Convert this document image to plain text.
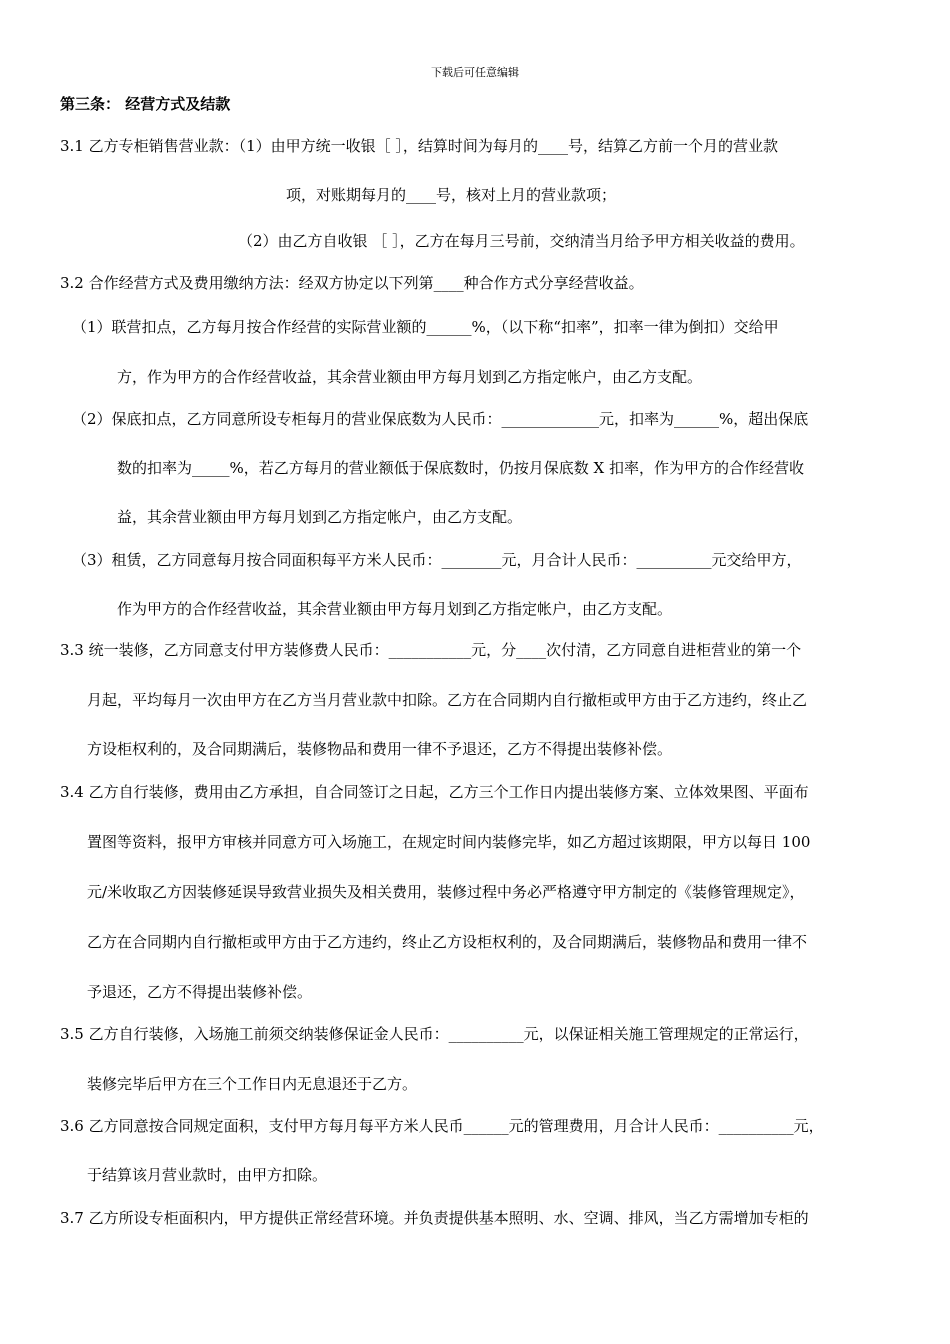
下载后可任意编辑
第三条： 经营方式及结款
3.1 乙方专柜销售营业款：（1）由甲方统一收银［ ］，结算时间为每月的____号，结算乙方前一个月的营业款
项，对账期每月的____号，核对上月的营业款项；
（2）由乙方自收银 ［ ］，乙方在每月三号前，交纳清当月给予甲方相关收益的费用。
3.2 合作经营方式及费用缴纳方法：经双方协定以下列第____种合作方式分享经营收益。
（1）联营扣点，乙方每月按合作经营的实际营业额的______%，（以下称“扣率”，扣率一律为倒扣）交给甲
方，作为甲方的合作经营收益，其余营业额由甲方每月划到乙方指定帐户，由乙方支配。
（2）保底扣点，乙方同意所设专柜每月的营业保底数为人民币：_____________元，扣率为______%，超出保底
数的扣率为_____%，若乙方每月的营业额低于保底数时，仍按月保底数 X 扣率，作为甲方的合作经营收
益，其余营业额由甲方每月划到乙方指定帐户，由乙方支配。
（3）租赁，乙方同意每月按合同面积每平方米人民币：________元，月合计人民币：__________元交给甲方，
作为甲方的合作经营收益，其余营业额由甲方每月划到乙方指定帐户，由乙方支配。
3.3 统一装修，乙方同意支付甲方装修费人民币：___________元，分____次付清，乙方同意自进柜营业的第一个
月起，平均每月一次由甲方在乙方当月营业款中扣除。乙方在合同期内自行撤柜或甲方由于乙方违约，终止乙
方设柜权利的，及合同期满后，装修物品和费用一律不予退还，乙方不得提出装修补偿。
3.4 乙方自行装修，费用由乙方承担，自合同签订之日起，乙方三个工作日内提出装修方案、立体效果图、平面布
置图等资料，报甲方审核并同意方可入场施工，在规定时间内装修完毕，如乙方超过该期限，甲方以每日 100
元/米收取乙方因装修延误导致营业损失及相关费用，装修过程中务必严格遵守甲方制定的《装修管理规定》，
乙方在合同期内自行撤柜或甲方由于乙方违约，终止乙方设柜权利的，及合同期满后，装修物品和费用一律不
予退还，乙方不得提出装修补偿。
3.5 乙方自行装修，入场施工前须交纳装修保证金人民币：__________元，以保证相关施工管理规定的正常运行，
装修完毕后甲方在三个工作日内无息退还于乙方。
3.6 乙方同意按合同规定面积，支付甲方每月每平方米人民币______元的管理费用，月合计人民币：__________元，
于结算该月营业款时，由甲方扣除。
3.7 乙方所设专柜面积内，甲方提供正常经营环境。并负责提供基本照明、水、空调、排风，当乙方需增加专柜的
